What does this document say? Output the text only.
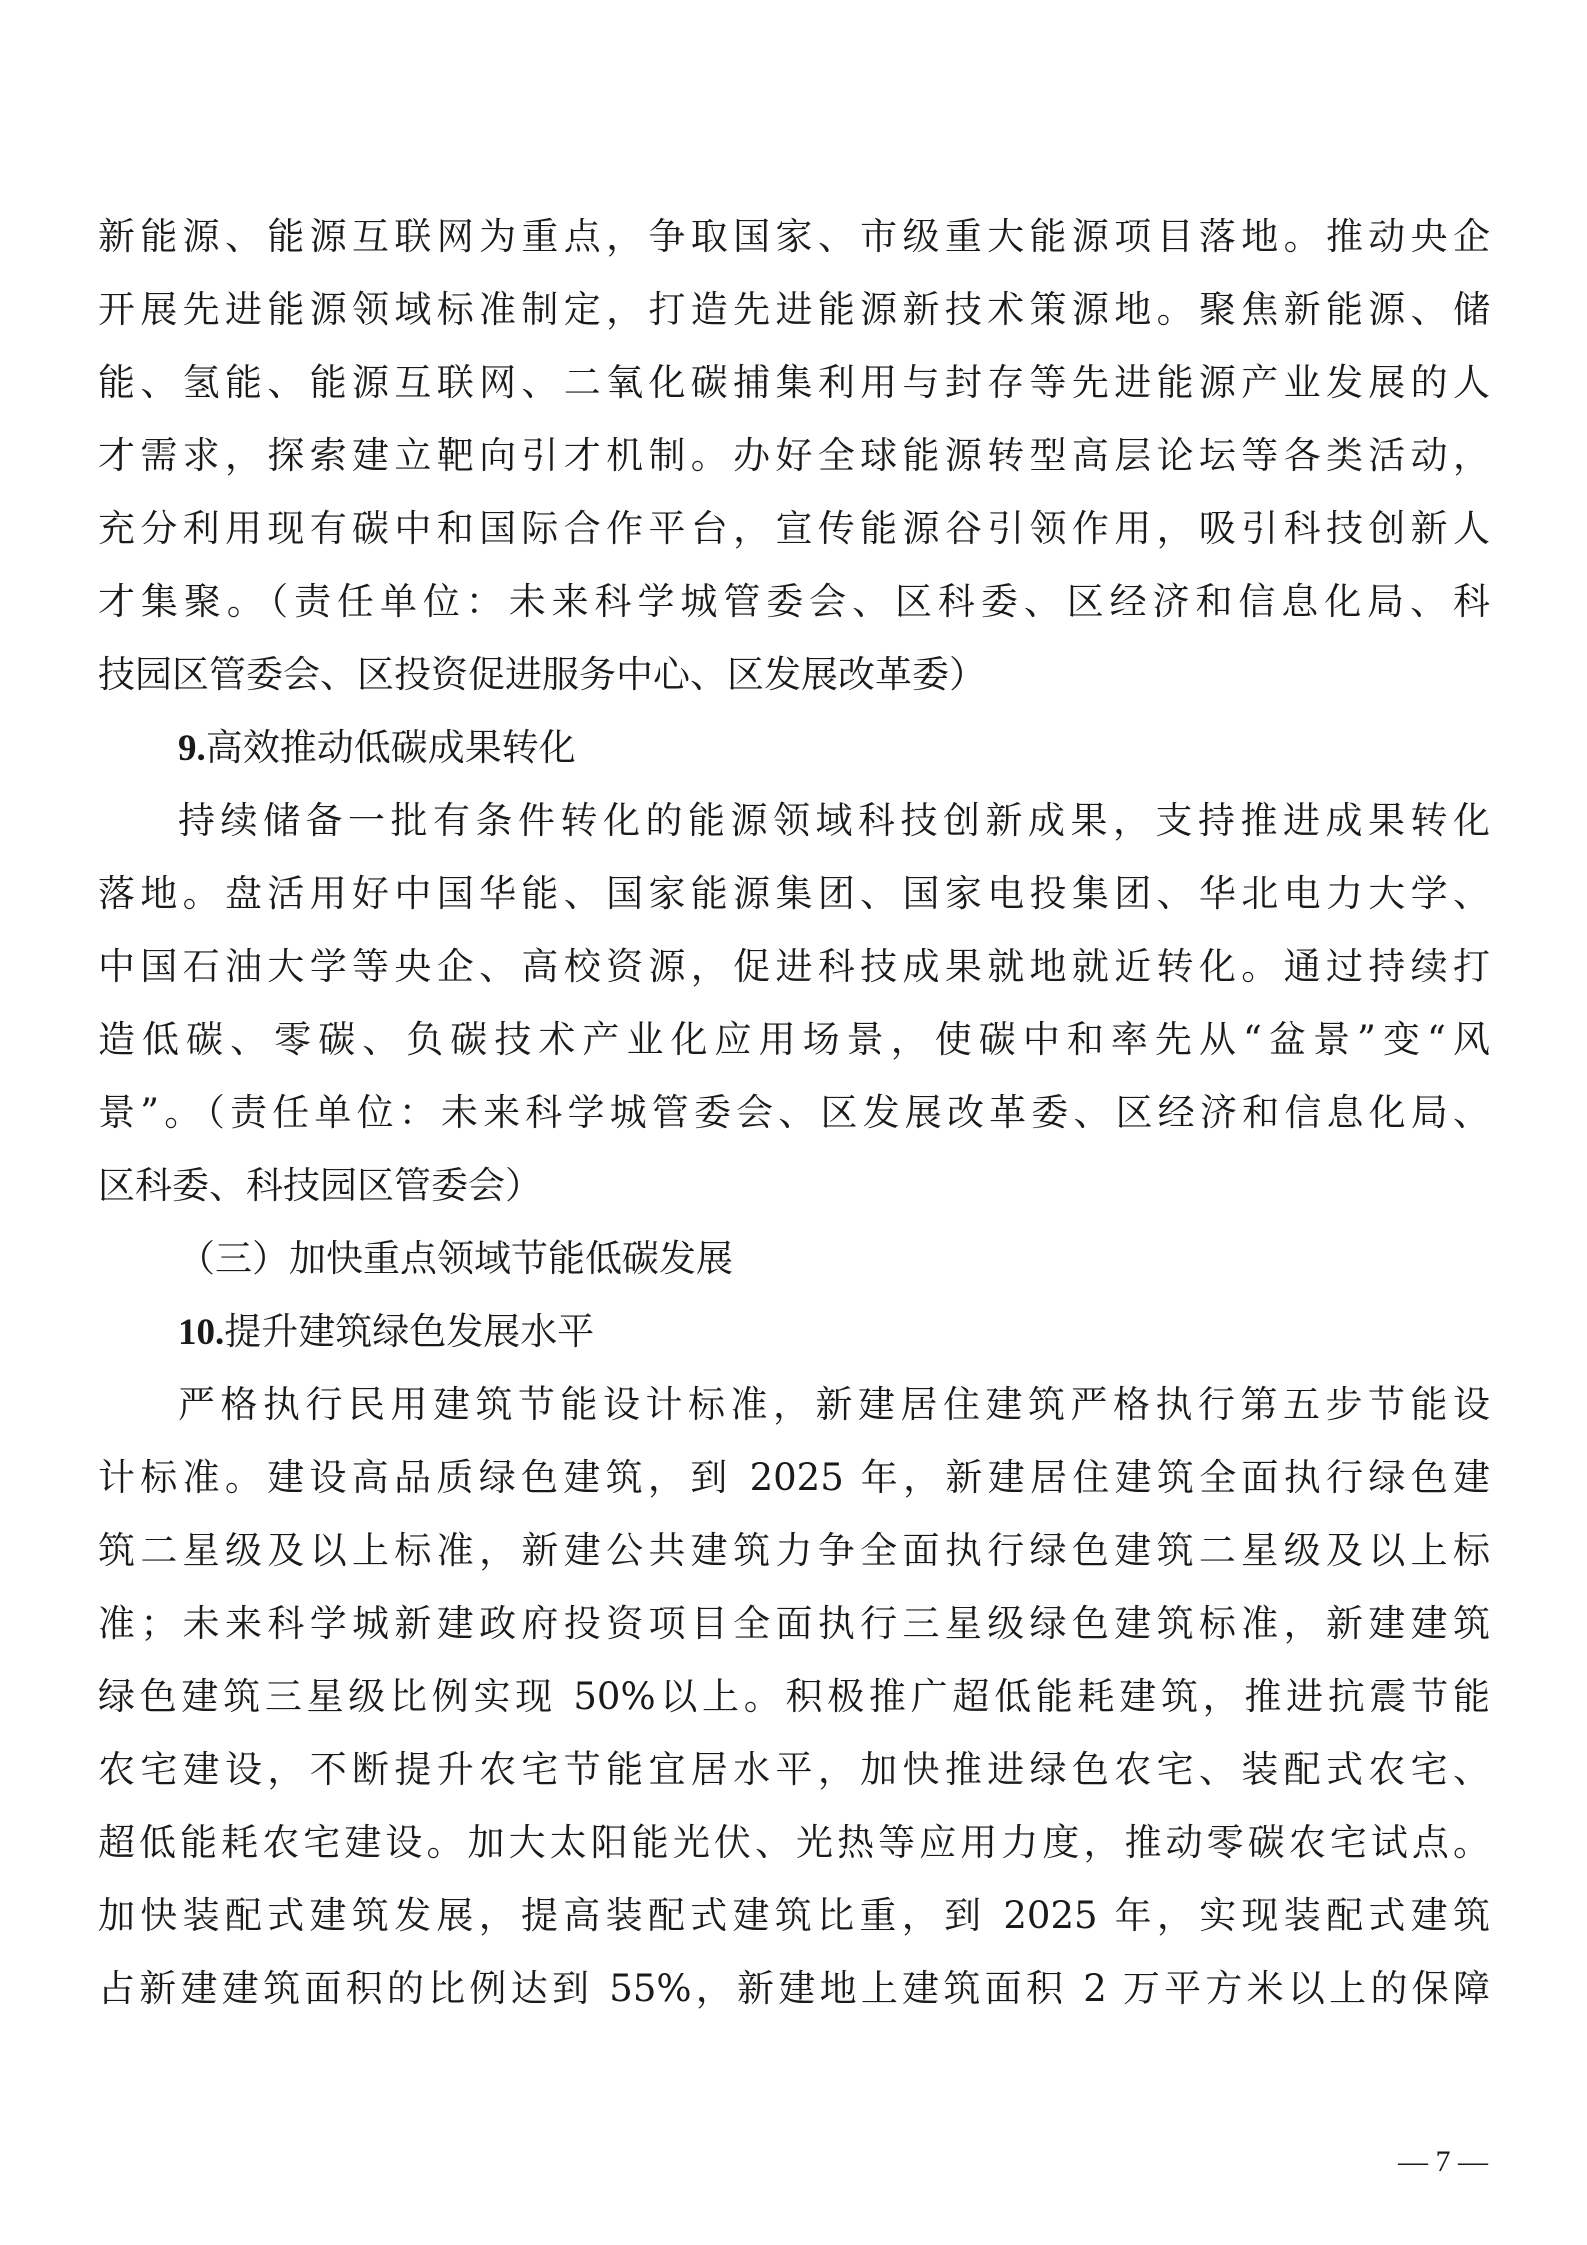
新能源、能源互联网为重点，争取国家、市级重大能源项目落地。推动央企
开展先进能源领域标准制定，打造先进能源新技术策源地。聚焦新能源、储
能、氢能、能源互联网、二氧化碳捕集利用与封存等先进能源产业发展的人
才需求，探索建立靶向引才机制。办好全球能源转型高层论坛等各类活动，
充分利用现有碳中和国际合作平台，宣传能源谷引领作用，吸引科技创新人
才集聚。（责任单位：未来科学城管委会、区科委、区经济和信息化局、科
技园区管委会、区投资促进服务中心、区发展改革委）
9.高效推动低碳成果转化
持续储备一批有条件转化的能源领域科技创新成果，支持推进成果转化
落地。盘活用好中国华能、国家能源集团、国家电投集团、华北电力大学、
中国石油大学等央企、高校资源，促进科技成果就地就近转化。通过持续打
造低碳、零碳、负碳技术产业化应用场景，使碳中和率先从“盆景”变“风
景”。（责任单位：未来科学城管委会、区发展改革委、区经济和信息化局、
区科委、科技园区管委会）
（三）加快重点领域节能低碳发展
10.提升建筑绿色发展水平
严格执行民用建筑节能设计标准，新建居住建筑严格执行第五步节能设
计标准。建设高品质绿色建筑，到 2025 年，新建居住建筑全面执行绿色建
筑二星级及以上标准，新建公共建筑力争全面执行绿色建筑二星级及以上标
准；未来科学城新建政府投资项目全面执行三星级绿色建筑标准，新建建筑
绿色建筑三星级比例实现 50%以上。积极推广超低能耗建筑，推进抗震节能
农宅建设，不断提升农宅节能宜居水平，加快推进绿色农宅、装配式农宅、
超低能耗农宅建设。加大太阳能光伏、光热等应用力度，推动零碳农宅试点。
加快装配式建筑发展，提高装配式建筑比重，到 2025 年，实现装配式建筑
占新建建筑面积的比例达到 55%，新建地上建筑面积 2 万平方米以上的保障
— 7 —
